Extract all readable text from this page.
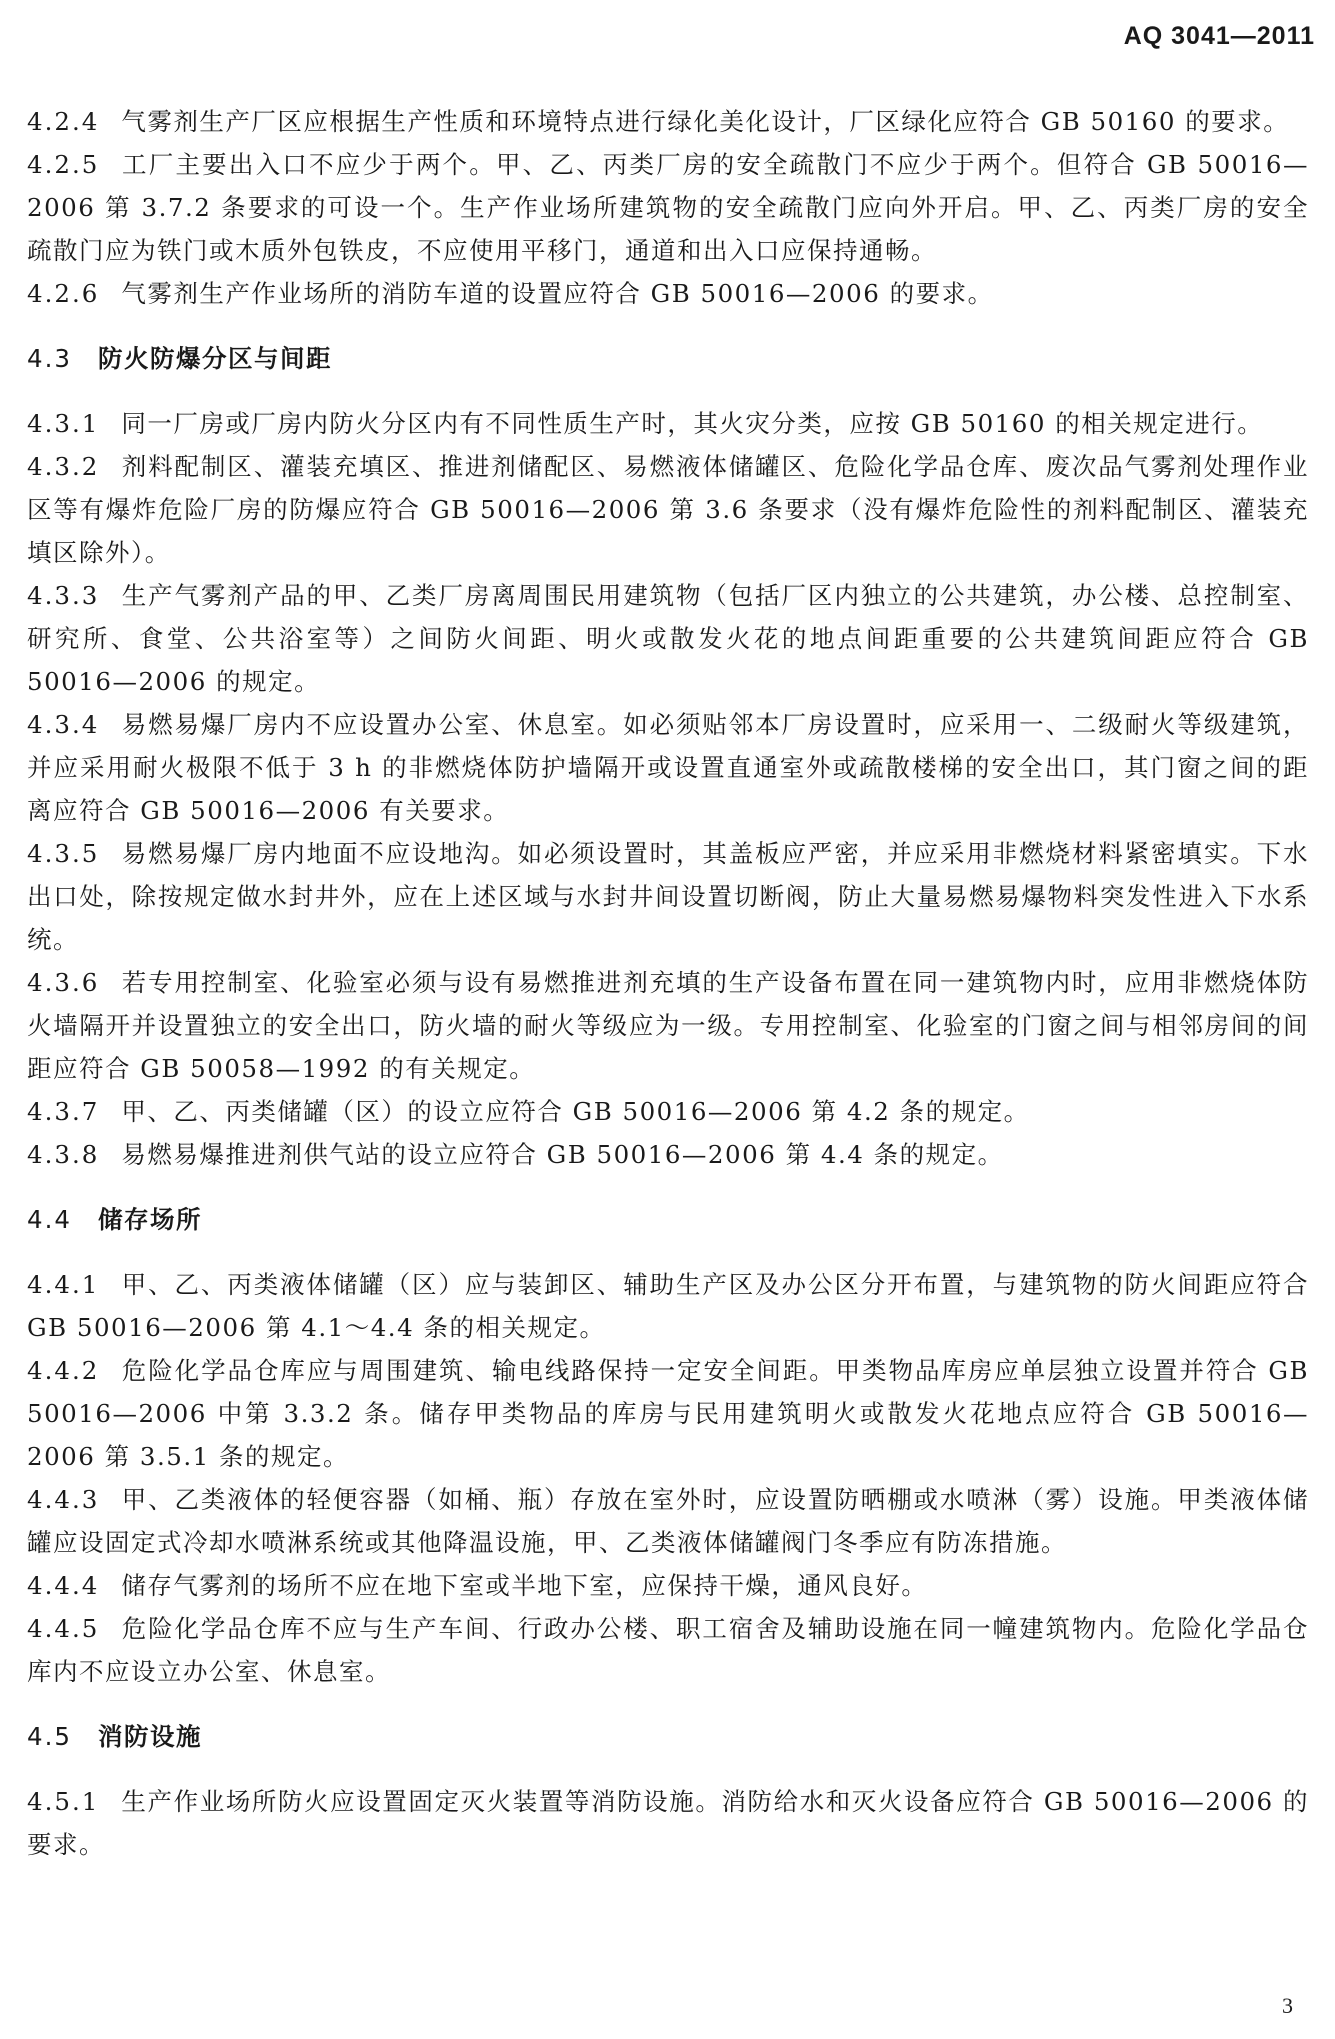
AQ 3041—2011

4.2.4 气雾剂生产厂区应根据生产性质和环境特点进行绿化美化设计，厂区绿化应符合 GB 50160 的要求。

4.2.5 工厂主要出入口不应少于两个。甲、乙、丙类厂房的安全疏散门不应少于两个。但符合 GB 50016—2006 第 3.7.2 条要求的可设一个。生产作业场所建筑物的安全疏散门应向外开启。甲、乙、丙类厂房的安全疏散门应为铁门或木质外包铁皮，不应使用平移门，通道和出入口应保持通畅。

4.2.6 气雾剂生产作业场所的消防车道的设置应符合 GB 50016—2006 的要求。

4.3 防火防爆分区与间距

4.3.1 同一厂房或厂房内防火分区内有不同性质生产时，其火灾分类，应按 GB 50160 的相关规定进行。

4.3.2 剂料配制区、灌装充填区、推进剂储配区、易燃液体储罐区、危险化学品仓库、废次品气雾剂处理作业区等有爆炸危险厂房的防爆应符合 GB 50016—2006 第 3.6 条要求（没有爆炸危险性的剂料配制区、灌装充填区除外）。

4.3.3 生产气雾剂产品的甲、乙类厂房离周围民用建筑物（包括厂区内独立的公共建筑，办公楼、总控制室、研究所、食堂、公共浴室等）之间防火间距、明火或散发火花的地点间距重要的公共建筑间距应符合 GB 50016—2006 的规定。

4.3.4 易燃易爆厂房内不应设置办公室、休息室。如必须贴邻本厂房设置时，应采用一、二级耐火等级建筑，并应采用耐火极限不低于 3 h 的非燃烧体防护墙隔开或设置直通室外或疏散楼梯的安全出口，其门窗之间的距离应符合 GB 50016—2006 有关要求。

4.3.5 易燃易爆厂房内地面不应设地沟。如必须设置时，其盖板应严密，并应采用非燃烧材料紧密填实。下水出口处，除按规定做水封井外，应在上述区域与水封井间设置切断阀，防止大量易燃易爆物料突发性进入下水系统。

4.3.6 若专用控制室、化验室必须与设有易燃推进剂充填的生产设备布置在同一建筑物内时，应用非燃烧体防火墙隔开并设置独立的安全出口，防火墙的耐火等级应为一级。专用控制室、化验室的门窗之间与相邻房间的间距应符合 GB 50058—1992 的有关规定。

4.3.7 甲、乙、丙类储罐（区）的设立应符合 GB 50016—2006 第 4.2 条的规定。

4.3.8 易燃易爆推进剂供气站的设立应符合 GB 50016—2006 第 4.4 条的规定。

4.4 储存场所

4.4.1 甲、乙、丙类液体储罐（区）应与装卸区、辅助生产区及办公区分开布置，与建筑物的防火间距应符合 GB 50016—2006 第 4.1～4.4 条的相关规定。

4.4.2 危险化学品仓库应与周围建筑、输电线路保持一定安全间距。甲类物品库房应单层独立设置并符合 GB 50016—2006 中第 3.3.2 条。储存甲类物品的库房与民用建筑明火或散发火花地点应符合 GB 50016—2006 第 3.5.1 条的规定。

4.4.3 甲、乙类液体的轻便容器（如桶、瓶）存放在室外时，应设置防晒棚或水喷淋（雾）设施。甲类液体储罐应设固定式冷却水喷淋系统或其他降温设施，甲、乙类液体储罐阀门冬季应有防冻措施。

4.4.4 储存气雾剂的场所不应在地下室或半地下室，应保持干燥，通风良好。

4.4.5 危险化学品仓库不应与生产车间、行政办公楼、职工宿舍及辅助设施在同一幢建筑物内。危险化学品仓库内不应设立办公室、休息室。

4.5 消防设施

4.5.1 生产作业场所防火应设置固定灭火装置等消防设施。消防给水和灭火设备应符合 GB 50016—2006 的要求。

3
